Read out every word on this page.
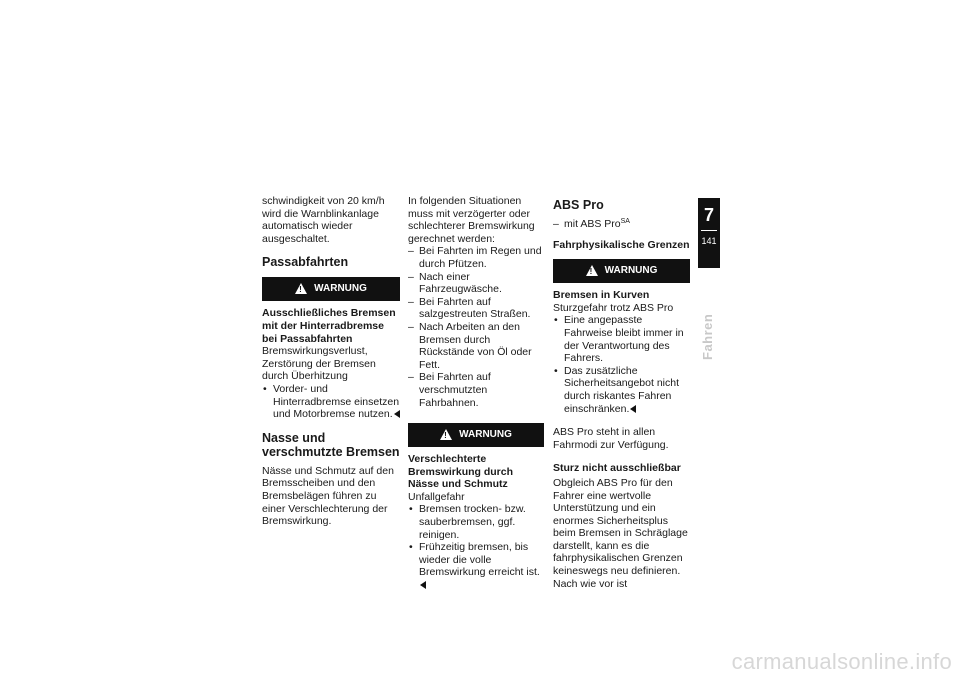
schwindigkeit von 20 km/h wird die Warnblinkanlage automatisch wieder ausgeschaltet.

Passabfahrten
!
WARNUNG

Ausschließliches Bremsen mit der Hinterradbremse bei Passabfahrten

Bremswirkungsverlust, Zerstörung der Bremsen durch Überhitzung

• Vorder- und Hinterradbremse einsetzen und Motorbremse nutzen.
Nasse und verschmutzte Bremsen

Nässe und Schmutz auf den Bremsscheiben und den Bremsbelägen führen zu einer Verschlechterung der Bremswirkung.

In folgenden Situationen muss mit verzögerter oder schlechterer Bremswirkung gerechnet werden:

– Bei Fahrten im Regen und durch Pfützen.
– Nach einer Fahrzeugwäsche.
– Bei Fahrten auf salzgestreuten Straßen.
– Nach Arbeiten an den Bremsen durch Rückstände von Öl oder Fett.
– Bei Fahrten auf verschmutzten Fahrbahnen.
!
WARNUNG

Verschlechterte Bremswirkung durch Nässe und Schmutz

Unfallgefahr

• Bremsen trocken- bzw. sauberbremsen, ggf. reinigen.
• Frühzeitig bremsen, bis wieder die volle Bremswirkung erreicht ist.
ABS Pro
– mit ABS Pro$^{SA}$

Fahrphysikalische Grenzen

!
WARNUNG

Bremsen in Kurven

Sturzgefahr trotz ABS Pro

• Eine angepasste Fahrweise bleibt immer in der Verantwortung des Fahrers.
• Das zusätzliche Sicherheitsangebot nicht durch riskantes Fahren einschränken.

ABS Pro steht in allen Fahrmodi zur Verfügung.

Sturz nicht ausschließbar

Obgleich ABS Pro für den Fahrer eine wertvolle Unterstützung und ein enormes Sicherheitsplus beim Bremsen in Schräglage darstellt, kann es die fahrphysikalischen Grenzen keineswegs neu definieren. Nach wie vor ist

7
141
Fahren
carmanualsonline.info
